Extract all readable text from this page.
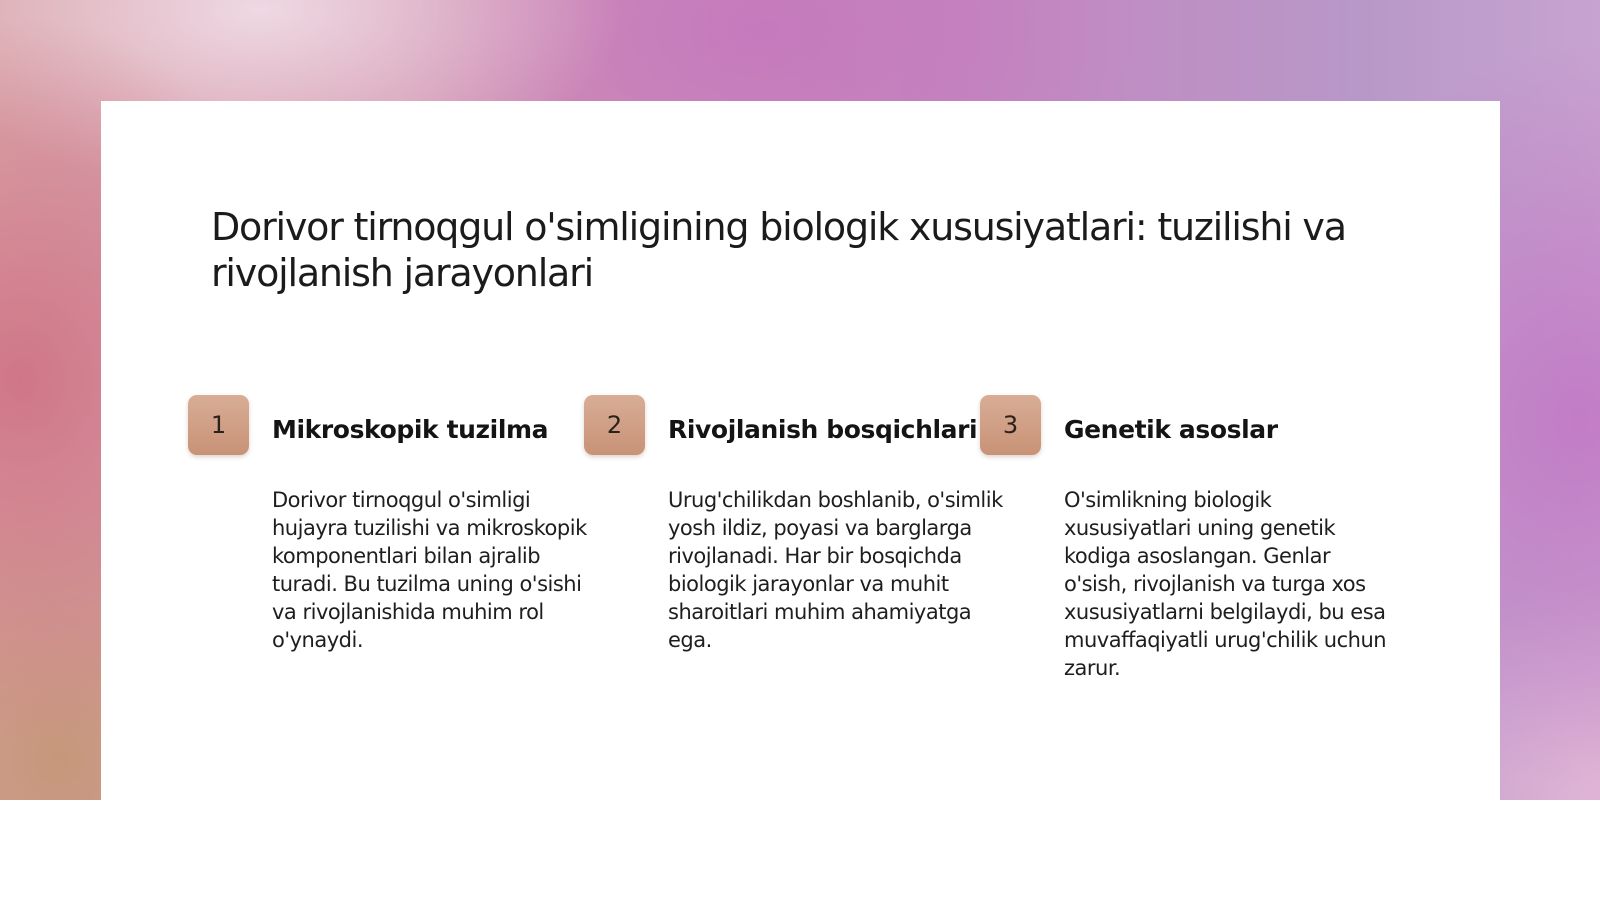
Dorivor tirnoqgul o'simligining biologik xususiyatlari: tuzilishi va rivojlanish jarayonlari
1	Mikroskopik tuzilma

Dorivor tirnoqgul o'simligi hujayra tuzilishi va mikroskopik komponentlari bilan ajralib turadi. Bu tuzilma uning o'sishi va rivojlanishida muhim rol o'ynaydi.

2	Rivojlanish bosqichlari

Urug'chilikdan boshlanib, o'simlik yosh ildiz, poyasi va barglarga rivojlanadi. Har bir bosqichda biologik jarayonlar va muhit sharoitlari muhim ahamiyatga ega.

3	Genetik asoslar

O'simlikning biologik xususiyatlari uning genetik kodiga asoslangan. Genlar o'sish, rivojlanish va turga xos xususiyatlarni belgilaydi, bu esa muvaffaqiyatli urug'chilik uchun zarur.
